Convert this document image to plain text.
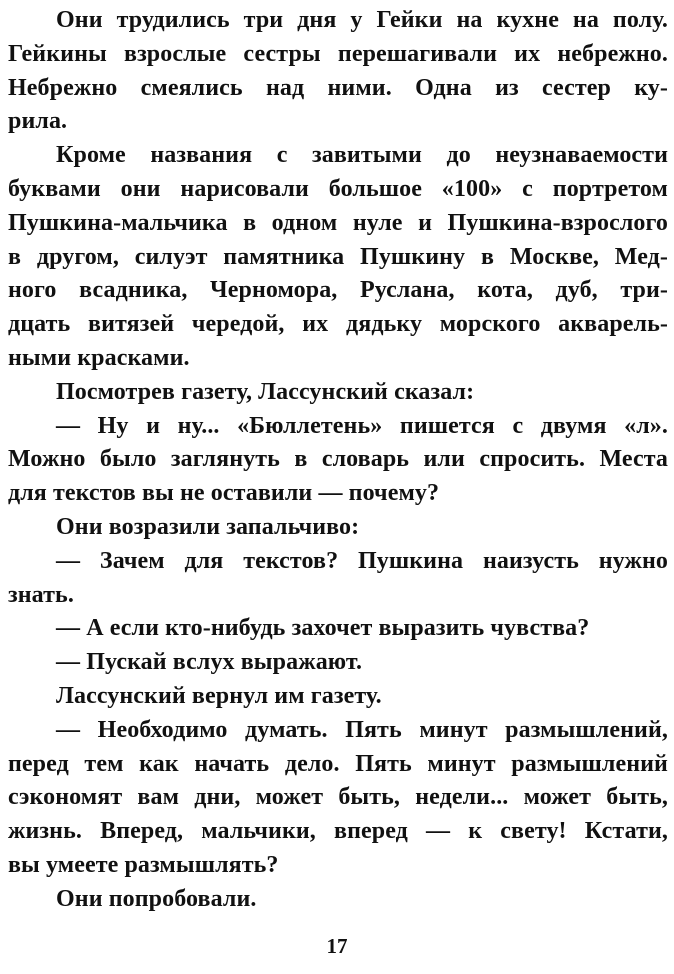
Они трудились три дня у Гейки на кухне на полу.
Гейкины взрослые сестры перешагивали их небрежно.
Небрежно смеялись над ними. Одна из сестер ку-
рила.
Кроме названия с завитыми до неузнаваемости
буквами они нарисовали большое «100» с портретом
Пушкина-мальчика в одном нуле и Пушкина-взрослого
в другом, силуэт памятника Пушкину в Москве, Мед-
ного всадника, Черномора, Руслана, кота, дуб, три-
дцать витязей чередой, их дядьку морского акварель-
ными красками.
Посмотрев газету, Лассунский сказал:
— Ну и ну... «Бюллетень» пишется с двумя «л».
Можно было заглянуть в словарь или спросить. Места
для текстов вы не оставили — почему?
Они возразили запальчиво:
— Зачем для текстов? Пушкина наизусть нужно
знать.
— А если кто-нибудь захочет выразить чувства?
— Пускай вслух выражают.
Лассунский вернул им газету.
— Необходимо думать. Пять минут размышлений,
перед тем как начать дело. Пять минут размышлений
сэкономят вам дни, может быть, недели... может быть,
жизнь. Вперед, мальчики, вперед — к свету! Кстати,
вы умеете размышлять?
Они попробовали.
17
